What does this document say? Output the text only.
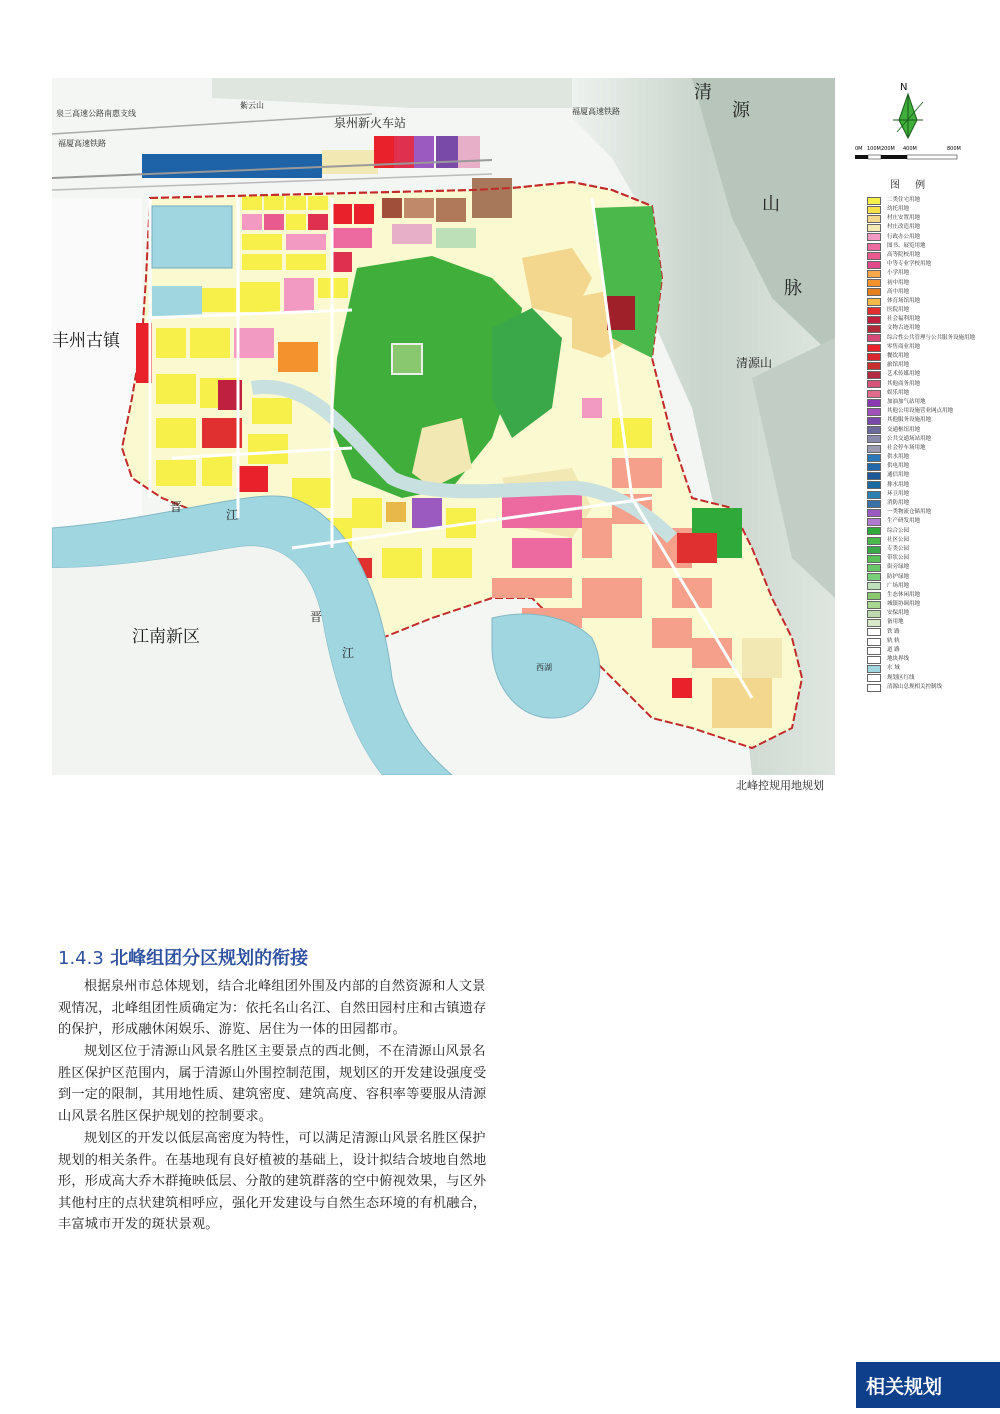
丰州古镇
江南新区
晋
江
晋
江
清
源
山
脉
清源山
泉州新火车站
西湖
福厦高速铁路
福厦高速铁路
泉三高速公路南惠支线
紫云山
北峰控规用地规划
N
0M 100M 200M 400M	800M
图 例
二类住宅用地
幼托用地
村庄安置用地
村庄改造用地
行政办公用地
图书、展览用地
高等院校用地
中等专业学校用地
小学用地
初中用地
高中用地
体育场馆用地
医院用地
社会福利用地
文物古迹用地
综合性公共管理与公共服务设施用地
零售商业用地
餐饮用地
旅馆用地
艺术传媒用地
其他商务用地
娱乐用地
加油加气站用地
其他公用设施营业网点用地
其他服务设施用地
交通枢纽用地
公共交通场站用地
社会停车场用地
供水用地
供电用地
通信用地
排水用地
环卫用地
消防用地
一类物流仓储用地
生产研发用地
综合公园
社区公园
专类公园
带状公园
街旁绿地
防护绿地
广场用地
生态休闲用地
城镇协调用地
安保用地
备用地
铁 路
轨 轨
道 路
地块界线
水 域
规划区红线
清源山总规相关控制线
1.4.3 北峰组团分区规划的衔接

根据泉州市总体规划，结合北峰组团外围及内部的自然资源和人文景观情况，北峰组团性质确定为：依托名山名江、自然田园村庄和古镇遗存的保护，形成融休闲娱乐、游览、居住为一体的田园都市。

规划区位于清源山风景名胜区主要景点的西北侧，不在清源山风景名胜区保护区范围内，属于清源山外围控制范围，规划区的开发建设强度受到一定的限制，其用地性质、建筑密度、建筑高度、容积率等要服从清源山风景名胜区保护规划的控制要求。

规划区的开发以低层高密度为特性，可以满足清源山风景名胜区保护规划的相关条件。在基地现有良好植被的基础上，设计拟结合坡地自然地形，形成高大乔木群掩映低层、分散的建筑群落的空中俯视效果，与区外其他村庄的点状建筑相呼应，强化开发建设与自然生态环境的有机融合，丰富城市开发的斑状景观。

相关规划
